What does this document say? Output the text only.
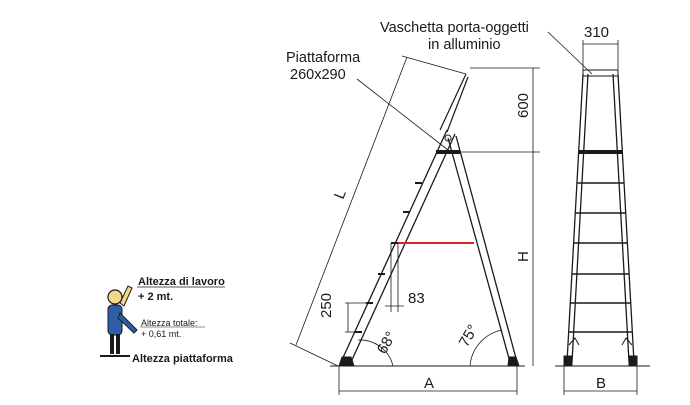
Altezza di lavoro
+ 2 mt.
Altezza totale:
+ 0,61 mt.
Altezza piattaforma
L
600
H
250	83
68°	75°
A
Piattaforma
260x290
Vaschetta porta-oggetti
in alluminio
310
B
